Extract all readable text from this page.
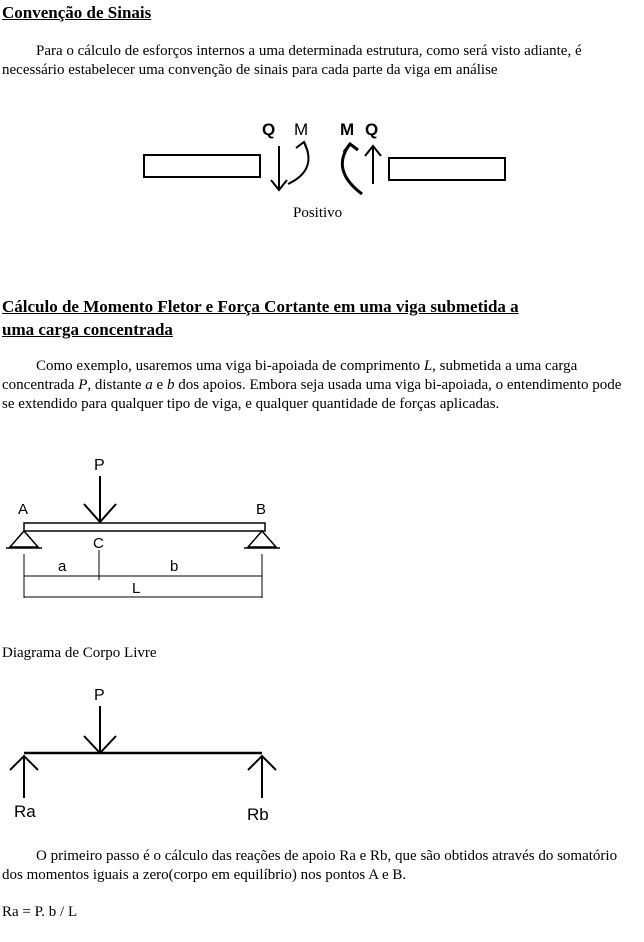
Convenção de Sinais

Para o cálculo de esforços internos a uma determinada estrutura, como será visto adiante, é necessário estabelecer uma convenção de sinais para cada parte da viga em análise

Q M M Q
Positivo
Cálculo de Momento Fletor e Força Cortante em uma viga submetida a
uma carga concentrada

Como exemplo, usaremos uma viga bi-apoiada de comprimento L, submetida a uma carga concentrada P, distante a e b dos apoios. Embora seja usada uma viga bi-apoiada, o entendimento pode se extendido para qualquer tipo de viga, e qualquer quantidade de forças aplicadas.

P
A	B
C
a	b
L

Diagrama de Corpo Livre

P
Ra	Rb

O primeiro passo é o cálculo das reações de apoio Ra e Rb, que são obtidos através do somatório dos momentos iguais a zero(corpo em equilíbrio) nos pontos A e B.

Ra = P. b / L
